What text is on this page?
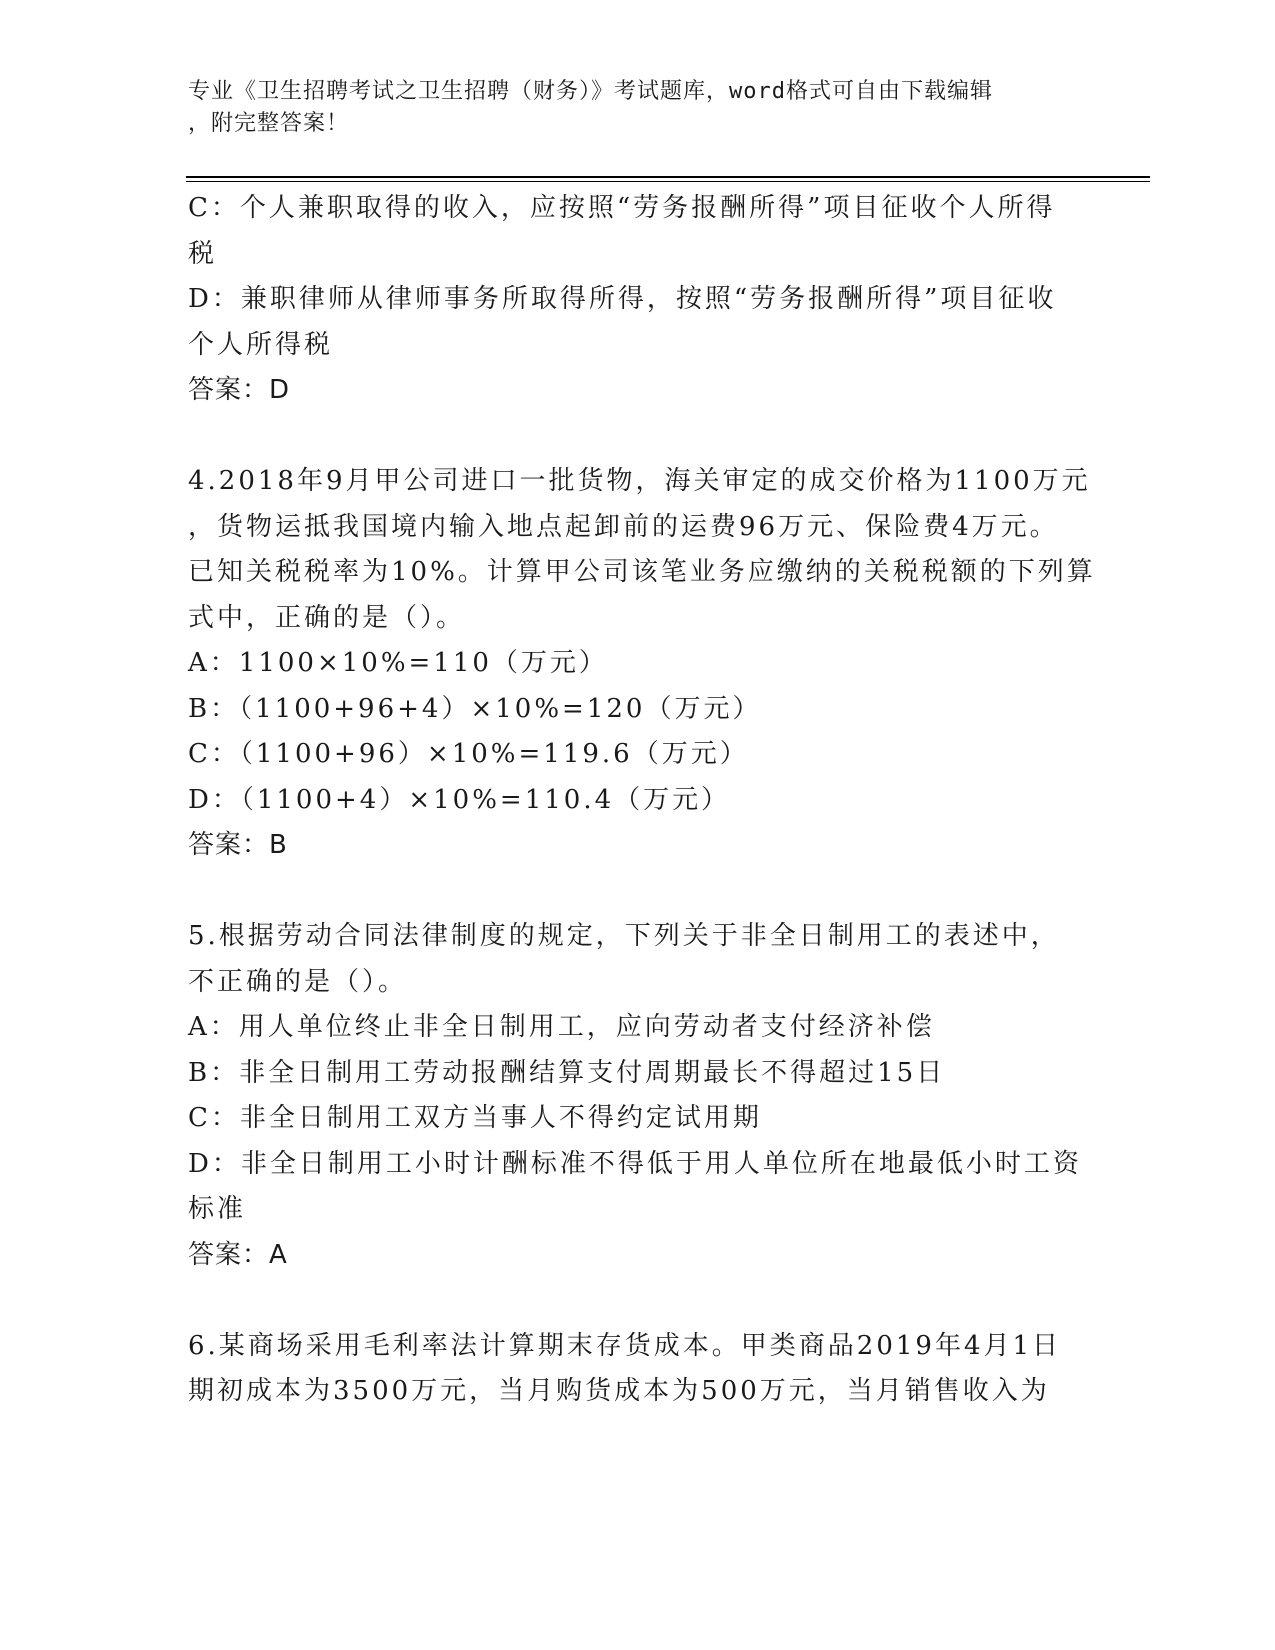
专业《卫生招聘考试之卫生招聘（财务）》考试题库，word格式可自由下载编辑
，附完整答案！
C：个人兼职取得的收入，应按照“劳务报酬所得”项目征收个人所得
税
D：兼职律师从律师事务所取得所得，按照“劳务报酬所得”项目征收
个人所得税
答案：D
4.2018年9月甲公司进口一批货物，海关审定的成交价格为1100万元
，货物运抵我国境内输入地点起卸前的运费96万元、保险费4万元。
已知关税税率为10%。计算甲公司该笔业务应缴纳的关税税额的下列算
式中，正确的是（）。
A：1100×10%=110（万元）
B：（1100+96+4）×10%=120（万元）
C：（1100+96）×10%=119.6（万元）
D：（1100+4）×10%=110.4（万元）
答案：B
5.根据劳动合同法律制度的规定，下列关于非全日制用工的表述中，
不正确的是（）。
A：用人单位终止非全日制用工，应向劳动者支付经济补偿
B：非全日制用工劳动报酬结算支付周期最长不得超过15日
C：非全日制用工双方当事人不得约定试用期
D：非全日制用工小时计酬标准不得低于用人单位所在地最低小时工资
标准
答案：A
6.某商场采用毛利率法计算期末存货成本。甲类商品2019年4月1日
期初成本为3500万元，当月购货成本为500万元，当月销售收入为
